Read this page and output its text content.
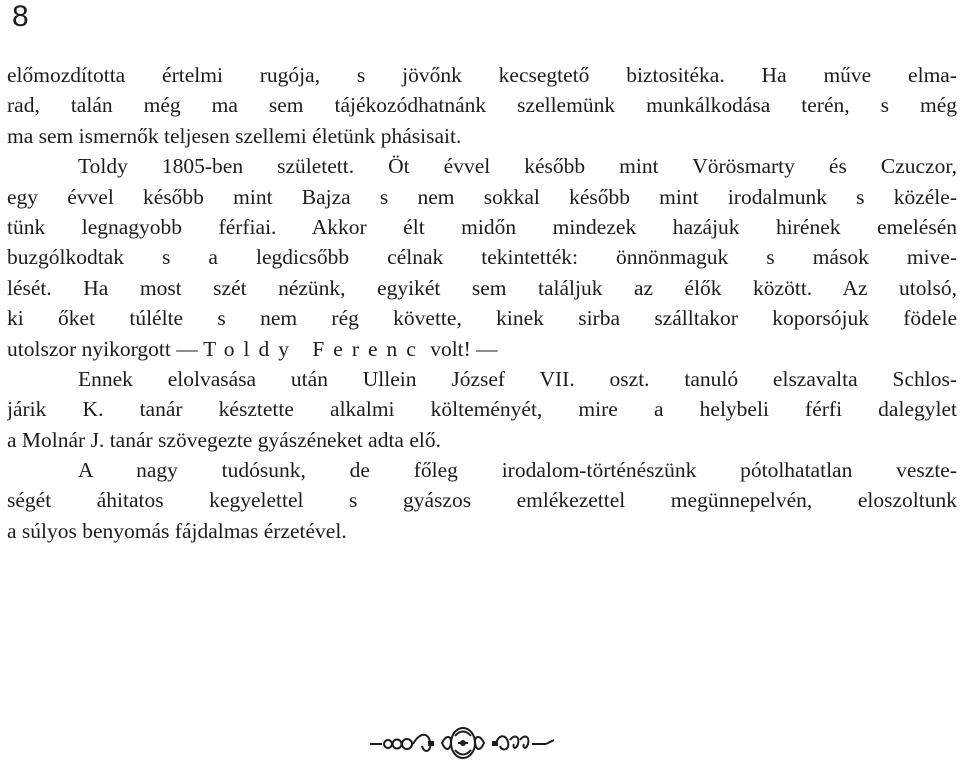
8
előmozdította értelmi rugója, s jövőnk kecsegtető biztositéka. Ha műve elma-
rad, talán még ma sem tájékozódhatnánk szellemünk munkálkodása terén, s még
ma sem ismernők teljesen szellemi életünk phásisait.
Toldy 1805-ben született. Öt évvel később mint Vörösmarty és Czuczor,
egy évvel később mint Bajza s nem sokkal később mint irodalmunk s közéle-
tünk legnagyobb férfiai. Akkor élt midőn mindezek hazájuk hirének emelésén
buzgólkodtak s a legdicsőbb célnak tekintették: önnönmaguk s mások mive-
lését. Ha most szét nézünk, egyikét sem találjuk az élők között. Az utolsó,
ki őket túlélte s nem rég követte, kinek sirba szálltakor koporsójuk födele
utolszor nyikorgott — Toldy Ferenc volt! —
Ennek elolvasása után Ullein József VII. oszt. tanuló elszavalta Schlos-
járik K. tanár késztette alkalmi költeményét, mire a helybeli férfi dalegylet
a Molnár J. tanár szövegezte gyászéneket adta elő.
A nagy tudósunk, de főleg irodalom-történészünk pótolhatatlan veszte-
ségét áhitatos kegyelettel s gyászos emlékezettel megünnepelvén, eloszoltunk
a súlyos benyomás fájdalmas érzetével.
